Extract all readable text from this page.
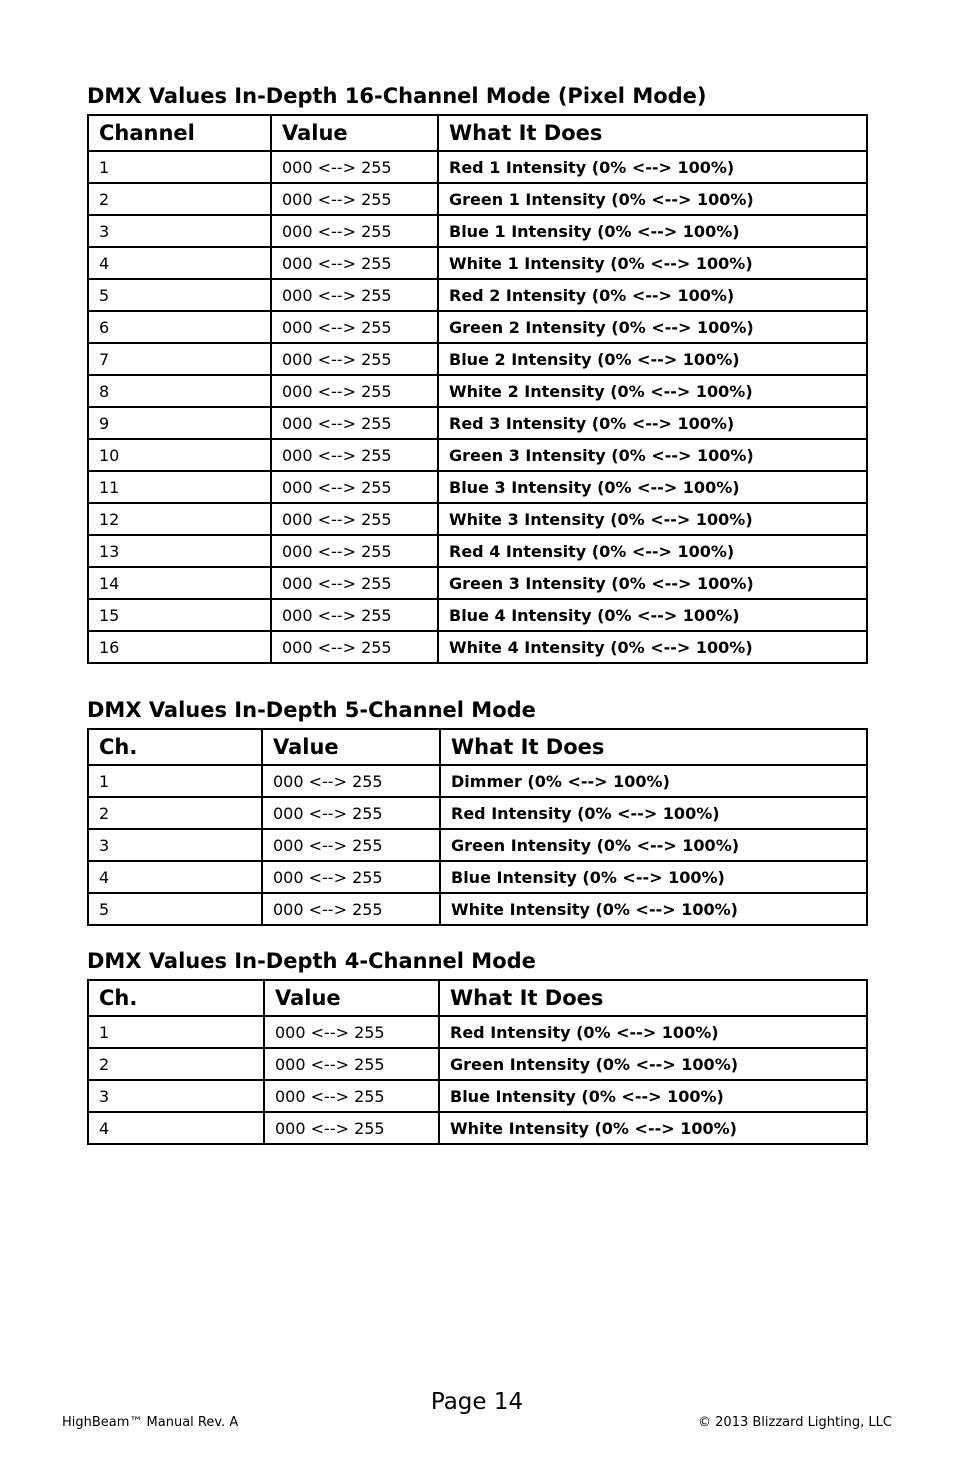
DMX Values In-Depth 16-Channel Mode (Pixel Mode)
Channel	Value	What It Does
1	000 <--> 255	Red 1 Intensity (0% <--> 100%)
2	000 <--> 255	Green 1 Intensity (0% <--> 100%)
3	000 <--> 255	Blue 1 Intensity (0% <--> 100%)
4	000 <--> 255	White 1 Intensity (0% <--> 100%)
5	000 <--> 255	Red 2 Intensity (0% <--> 100%)
6	000 <--> 255	Green 2 Intensity (0% <--> 100%)
7	000 <--> 255	Blue 2 Intensity (0% <--> 100%)
8	000 <--> 255	White 2 Intensity (0% <--> 100%)
9	000 <--> 255	Red 3 Intensity (0% <--> 100%)
10	000 <--> 255	Green 3 Intensity (0% <--> 100%)
11	000 <--> 255	Blue 3 Intensity (0% <--> 100%)
12	000 <--> 255	White 3 Intensity (0% <--> 100%)
13	000 <--> 255	Red 4 Intensity (0% <--> 100%)
14	000 <--> 255	Green 3 Intensity (0% <--> 100%)
15	000 <--> 255	Blue 4 Intensity (0% <--> 100%)
16	000 <--> 255	White 4 Intensity (0% <--> 100%)
DMX Values In-Depth 5-Channel Mode
Ch.	Value	What It Does
1	000 <--> 255	Dimmer (0% <--> 100%)
2	000 <--> 255	Red Intensity (0% <--> 100%)
3	000 <--> 255	Green Intensity (0% <--> 100%)
4	000 <--> 255	Blue Intensity (0% <--> 100%)
5	000 <--> 255	White Intensity (0% <--> 100%)
DMX Values In-Depth 4-Channel Mode
Ch.	Value	What It Does
1	000 <--> 255	Red Intensity (0% <--> 100%)
2	000 <--> 255	Green Intensity (0% <--> 100%)
3	000 <--> 255	Blue Intensity (0% <--> 100%)
4	000 <--> 255	White Intensity (0% <--> 100%)
Page 14
HighBeam™ Manual Rev. A	© 2013 Blizzard Lighting, LLC
